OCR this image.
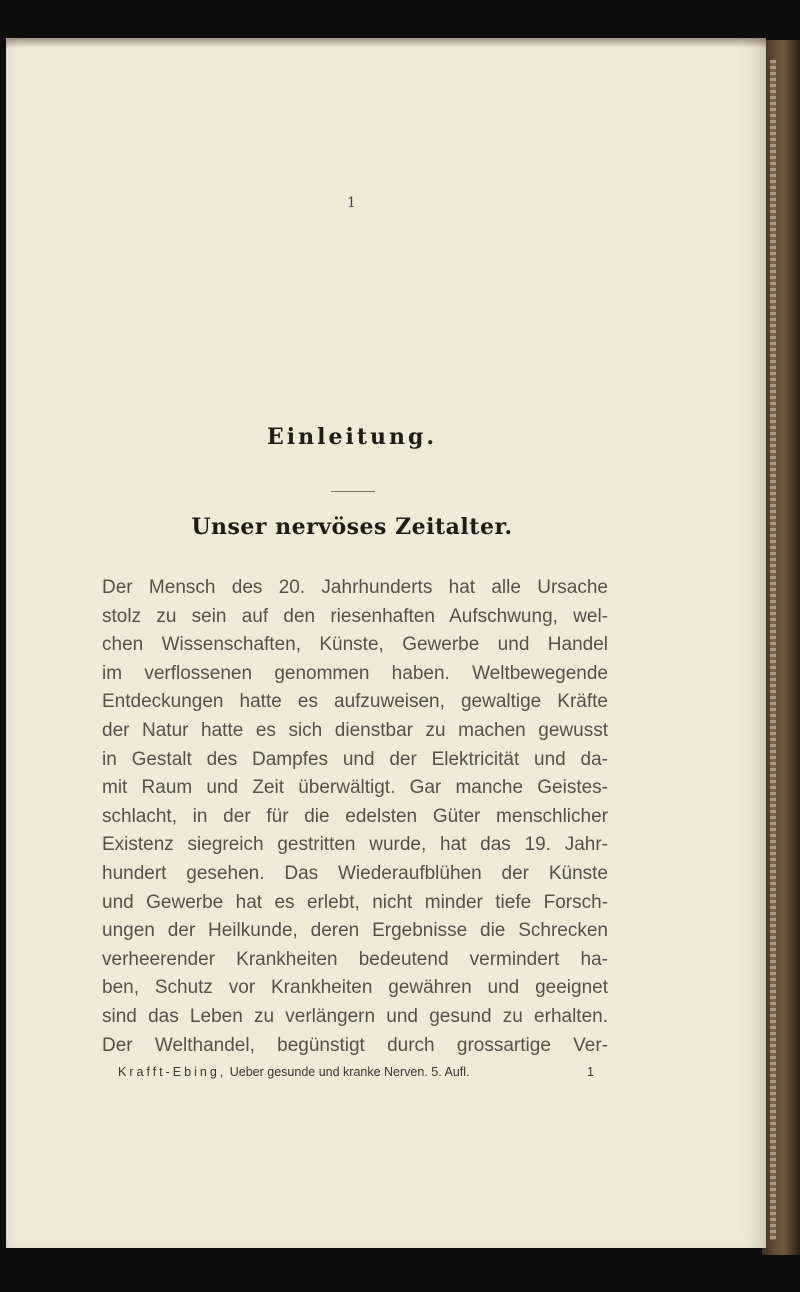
1
Einleitung.
Unser nervöses Zeitalter.
Der Mensch des 20. Jahrhunderts hat alle Ursache
stolz zu sein auf den riesenhaften Aufschwung, wel-
chen Wissenschaften, Künste, Gewerbe und Handel
im verflossenen genommen haben. Weltbewegende
Entdeckungen hatte es aufzuweisen, gewaltige Kräfte
der Natur hatte es sich dienstbar zu machen gewusst
in Gestalt des Dampfes und der Elektricität und da-
mit Raum und Zeit überwältigt. Gar manche Geistes-
schlacht, in der für die edelsten Güter menschlicher
Existenz siegreich gestritten wurde, hat das 19. Jahr-
hundert gesehen. Das Wiederaufblühen der Künste
und Gewerbe hat es erlebt, nicht minder tiefe Forsch-
ungen der Heilkunde, deren Ergebnisse die Schrecken
verheerender Krankheiten bedeutend vermindert ha-
ben, Schutz vor Krankheiten gewähren und geeignet
sind das Leben zu verlängern und gesund zu erhalten.
Der Welthandel, begünstigt durch grossartige Ver-
Krafft-Ebing, Ueber gesunde und kranke Nerven. 5. Aufl.	1
